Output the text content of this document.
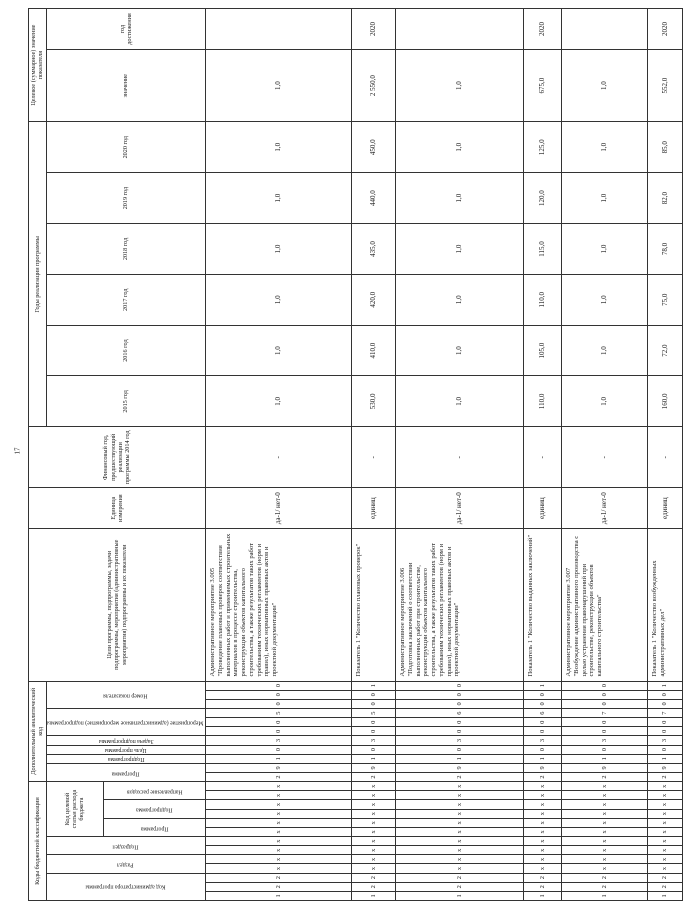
17
Коды бюджетной классификации													Дополнительный аналитический код											Цели программы, подпрограммы, задачи подпрограммы, мероприятия (административные мероприятия) подпрограммы и их показатели	Единица измерения	Финансовый год, предшествующий реализации программы 2014 год	Годы реализации программы						Целевое (суммарное) значение показателя	
Код администратора программы			Раздел		Подраздел		Код целевой статьи расхода бюджета						Программа		Подпрограмма	Цель программы	Задача подпрограммы	Мероприятие (административное мероприятие) подпрограммы			Номер показателя						2015 год	2016 год	2017 год	2018 год	2019 год	2020 год	значение	год достижения
							Программа		Подпрограмма		Направление расходов																							
1	2	2	x	x	x	x	x	x	x	x	x	x	2	9	1	0	3	0	0	5	0	0	0	Административное мероприятие 3.005 "Проведение плановых проверок соответствия выполненных работ и применяемых строительных материалов в процессе строительства, реконструкции объектов капитального строительства, а также результатов таких работ требованиям технических регламентов (норм и правил), иных нормативных правовых актов и проектной документации"	да-1/ нет-0	-	1,0	1,0	1,0	1,0	1,0	1,0	1,0	
1	2	2	x	x	x	x	x	x	x	x	x	x	2	9	1	0	3	0	0	5	0	0	1	Показатель 1 "Количество плановых проверок"	единиц	-	530,0	410,0	420,0	435,0	440,0	450,0	2 550,0	2020
1	2	2	x	x	x	x	x	x	x	x	x	x	2	9	1	0	3	0	0	6	0	0	0	Административное мероприятие 3.006 "Подготовка заключений о соответствии выполненных работ при строительстве, реконструкции объектов капитального строительства, а также результатов таких работ требованиям технических регламентов (норм и правил), иных нормативных правовых актов и проектной документации"	да-1/ нет-0	-	1,0	1,0	1,0	1,0	1,0	1,0	1,0	
1	2	2	x	x	x	x	x	x	x	x	x	x	2	9	1	0	3	0	0	6	0	0	1	Показатель 1 "Количество выданных заключений"	единиц	-	110,0	105,0	110,0	115,0	120,0	125,0	675,0	2020
1	2	2	x	x	x	x	x	x	x	x	x	x	2	9	1	0	3	0	0	7	0	0	0	Административное мероприятие 3.007 "Возбуждение административного производства с целью устранения правонарушений при строительстве, реконструкции объектов капитального строительства"	да-1/ нет-0	-	1,0	1,0	1,0	1,0	1,0	1,0	1,0	
1	2	2	x	x	x	x	x	x	x	x	x	x	2	9	1	0	3	0	0	7	0	0	1	Показатель 1 "Количество возбужденных административных дел"	единиц	-	160,0	72,0	75,0	78,0	82,0	85,0	552,0	2020
